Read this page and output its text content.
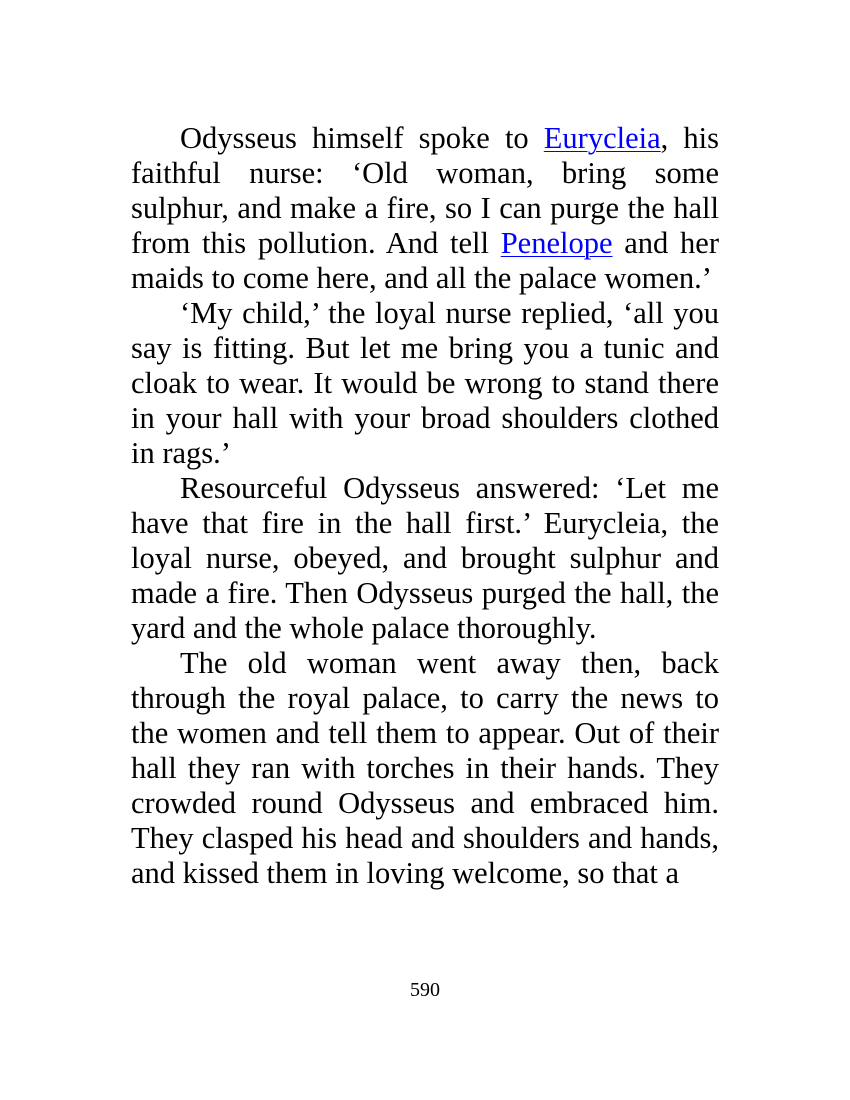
Odysseus himself spoke to Eurycleia, his faithful nurse: ‘Old woman, bring some sulphur, and make a fire, so I can purge the hall from this pollution. And tell Penelope and her maids to come here, and all the palace women.’

‘My child,’ the loyal nurse replied, ‘all you say is fitting. But let me bring you a tunic and cloak to wear. It would be wrong to stand there in your hall with your broad shoulders clothed in rags.’

Resourceful Odysseus answered: ‘Let me have that fire in the hall first.’ Eurycleia, the loyal nurse, obeyed, and brought sulphur and made a fire. Then Odysseus purged the hall, the yard and the whole palace thoroughly.

The old woman went away then, back through the royal palace, to carry the news to the women and tell them to appear. Out of their hall they ran with torches in their hands. They crowded round Odysseus and embraced him. They clasped his head and shoulders and hands, and kissed them in loving welcome, so that a

590
